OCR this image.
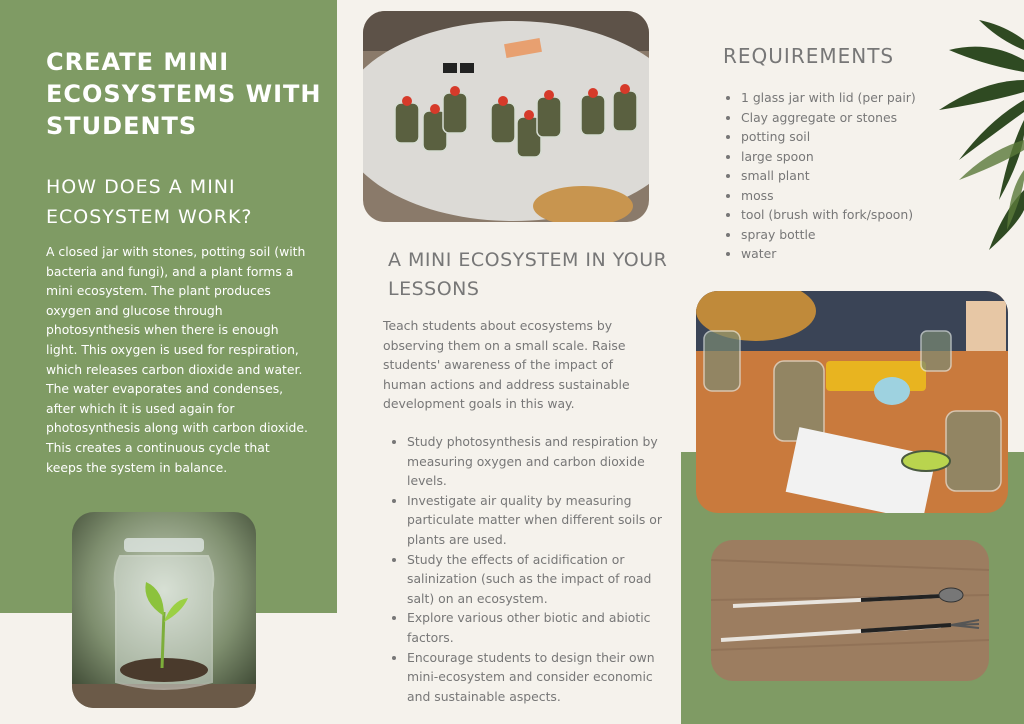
CREATE MINI ECOSYSTEMS WITH STUDENTS
HOW DOES A MINI ECOSYSTEM WORK?

A closed jar with stones, potting soil (with bacteria and fungi), and a plant forms a mini ecosystem. The plant produces oxygen and glucose through photosynthesis when there is enough light. This oxygen is used for respiration, which releases carbon dioxide and water. The water evaporates and condenses, after which it is used again for photosynthesis along with carbon dioxide. This creates a continuous cycle that keeps the system in balance.

A MINI ECOSYSTEM IN YOUR LESSONS

Teach students about ecosystems by observing them on a small scale. Raise students' awareness of the impact of human actions and address sustainable development goals in this way.

• Study photosynthesis and respiration by measuring oxygen and carbon dioxide levels.
• Investigate air quality by measuring particulate matter when different soils or plants are used.
• Study the effects of acidification or salinization (such as the impact of road salt) on an ecosystem.
• Explore various other biotic and abiotic factors.
• Encourage students to design their own mini-ecosystem and consider economic and sustainable aspects.
REQUIREMENTS
• 1 glass jar with lid (per pair)
• Clay aggregate or stones
• potting soil
• large spoon
• small plant
• moss
• tool (brush with fork/spoon)
• spray bottle
• water
